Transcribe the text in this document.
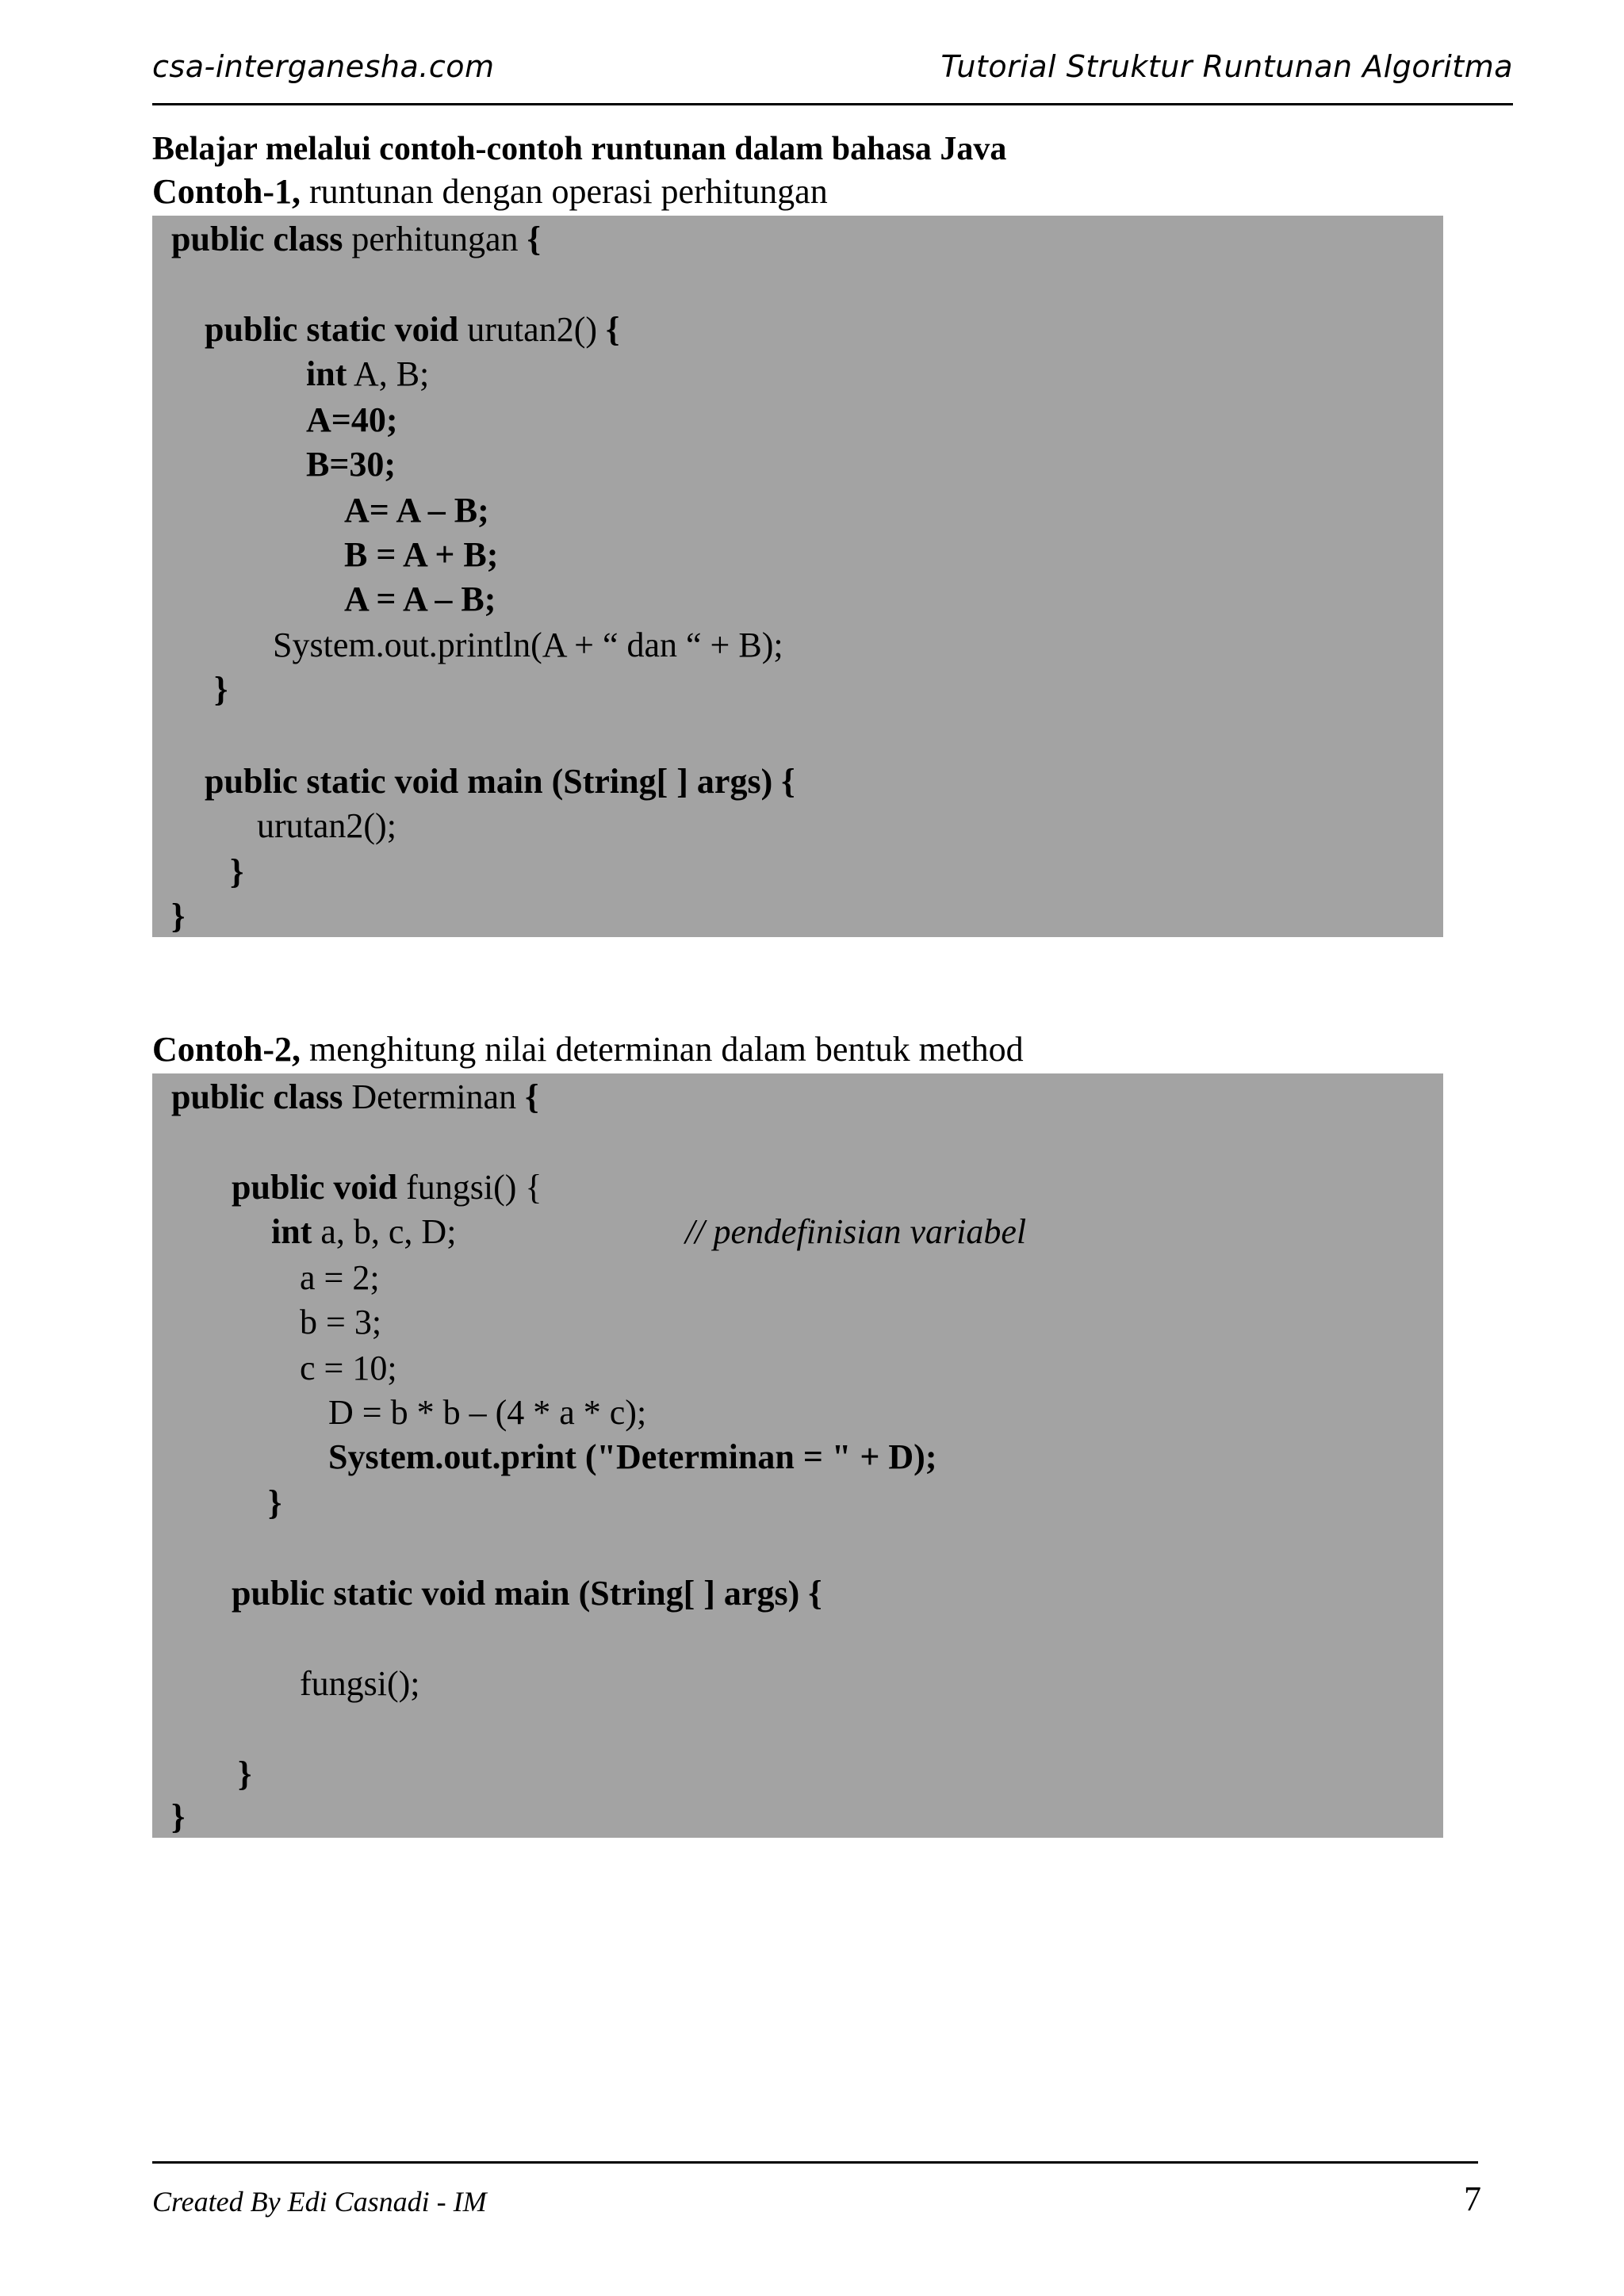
csa-interganesha.com	Tutorial Struktur Runtunan Algoritma
Belajar melalui contoh-contoh runtunan dalam bahasa Java
Contoh-1, runtunan dengan operasi perhitungan
public class perhitungan {
public static void urutan2() {
int A, B;
A=40;
B=30;
A= A – B;
B = A + B;
A = A – B;
System.out.println(A + “ dan “ + B);
}
public static void main (String[ ] args) {
urutan2();
}
}
Contoh-2, menghitung nilai determinan dalam bentuk method
public class Determinan {
public void fungsi() {
int a, b, c, D;	// pendefinisian variabel
a = 2;
b = 3;
c = 10;
D = b * b – (4 * a * c);
System.out.print ("Determinan = " + D);
}
public static void main (String[ ] args) {
fungsi();
}
}
Created By Edi Casnadi - IM	7
